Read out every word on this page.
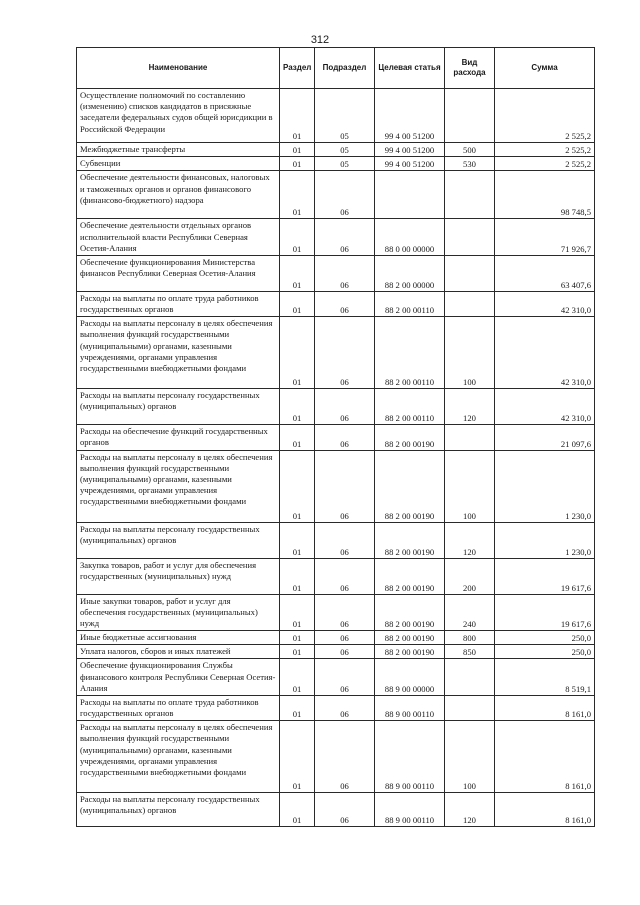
312
Наименование	Раздел	Подраздел	Целевая статья	Вид расхода	Сумма
Осуществление полномочий по составлению (изменению) списков кандидатов в присяжные заседатели федеральных судов общей юрисдикции в Российской Федерации	01	05	99 4 00 51200		2 525,2
Межбюджетные трансферты	01	05	99 4 00 51200	500	2 525,2
Субвенции	01	05	99 4 00 51200	530	2 525,2
Обеспечение деятельности финансовых, налоговых и таможенных органов и органов финансового (финансово-бюджетного) надзора	01	06			98 748,5
Обеспечение деятельности отдельных органов исполнительной власти Республики Северная Осетия-Алания	01	06	88 0 00 00000		71 926,7
Обеспечение функционирования Министерства финансов Республики Северная Осетия-Алания	01	06	88 2 00 00000		63 407,6
Расходы на выплаты по оплате труда работников государственных органов	01	06	88 2 00 00110		42 310,0
Расходы на выплаты персоналу в целях обеспечения выполнения функций государственными (муниципальными) органами, казенными учреждениями, органами управления государственными внебюджетными фондами	01	06	88 2 00 00110	100	42 310,0
Расходы на выплаты персоналу государственных (муниципальных) органов	01	06	88 2 00 00110	120	42 310,0
Расходы на обеспечение функций государственных органов	01	06	88 2 00 00190		21 097,6
Расходы на выплаты персоналу в целях обеспечения выполнения функций государственными (муниципальными) органами, казенными учреждениями, органами управления государственными внебюджетными фондами	01	06	88 2 00 00190	100	1 230,0
Расходы на выплаты персоналу государственных (муниципальных) органов	01	06	88 2 00 00190	120	1 230,0
Закупка товаров, работ и услуг для обеспечения государственных (муниципальных) нужд	01	06	88 2 00 00190	200	19 617,6
Иные закупки товаров, работ и услуг для обеспечения государственных (муниципальных) нужд	01	06	88 2 00 00190	240	19 617,6
Иные бюджетные ассигнования	01	06	88 2 00 00190	800	250,0
Уплата налогов, сборов и иных платежей	01	06	88 2 00 00190	850	250,0
Обеспечение функционирования Службы финансового контроля Республики Северная Осетия-Алания	01	06	88 9 00 00000		8 519,1
Расходы на выплаты по оплате труда работников государственных органов	01	06	88 9 00 00110		8 161,0
Расходы на выплаты персоналу в целях обеспечения выполнения функций государственными (муниципальными) органами, казенными учреждениями, органами управления государственными внебюджетными фондами	01	06	88 9 00 00110	100	8 161,0
Расходы на выплаты персоналу государственных (муниципальных) органов	01	06	88 9 00 00110	120	8 161,0
